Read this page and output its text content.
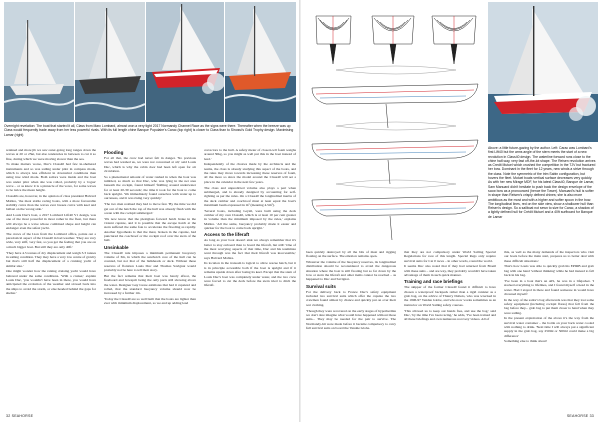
Overnight revelation: The boat that started it all, Class from Marc Lombard, almost won a very tight 2017 Normandy Channel Race as the signs were there. Thereafter when the breeze was up Class would frequently trade away from her less powerful rivals. With its full length chine Banque Populaire's Carac (top right) is closer to Class than to Sinossi's Gold Trophy design. Maximising Lamar (right)

retained and more jib we saw outer-going long ranges down the waves at 20 or 25kt, but also tendencies in between to cut it so fine, during which we were moving slower than the sea.

To make matters worse, Duc's Class40 had few in-sheltered instruments and so was sailing under pilot in compass mode, which is always less efficient in downwind conditions then using true wind mode. Both sailors were inside and the boat was under pilot when she was rolled, probably by a 'rogue' wave – or as know it is a pinnacle of the wave, for some waves to be twice the mean height.

Class40s are, however, in the opinion of class president Halvard Mabire, 'the most stable racing boats, with a more favourable stability curve than the waves ever breeze curve with keel and ballast on the wrong side.'

And Louis Duc's boat, a 2017 Lombard Lift40 V1 design, was one of the most powerful in most rather in the fleet, but there will always be a wave whose combined shape and height can endanger even the safest yacht.

The crews of the Lion from the Lombard office, pointe out a paradoxical aspect of the Class40 in bad weather. 'They are very wide, very stiff, very fast, so you get the feeling that you are on a much bigger boat. But still they are only 40ft.'

'They have 4.5 tonnes of dry displacement and weigh 3.3 tonnes in sailing condition. They may have a very low centre of gravity but that's still half the displacement of a cruising yacht of similar size.'

One might wonder how the raising cruising yacht would have behaved under the same conditions. 'With a cruiser,' explain Louis Duc, 'you wouldn't have been in there, you would have anticipated the evolution of the weather and slowed back into the ships to avoid the storm, or else headed behind the gaps for shelter.'

Flooding

For all that, the crew had never felt in danger. 'No previous waves had washed us, we were not concerned at all,' said Louis Duc, which is why the cabin door had been left open for air circulation.

So a phenomenal amount of water rushed in when the boat was tumbled, so much so that Duc, who was lying in the net area beneath the cockpit, found himself 'fiddling around underwater for at least 20-30 seconds', the time it took for the boat to come back upright. 'We immediately found ourselves with water up to our knees, and it was rising very quickly.'

'The two men realised they had to move fast. 'By the time we did get out of the hatch the top of the hull was already flush with the ocean with the cockpit submerged.'

'We now know that the plexiglass forward hatch broke in the violent capsize, and it is possible that the escape hatch at the stern suffered the same fate to accelerate the flooding as rapidly. Another hypothesis is that the mast, broken in the capsize, had punctured the coachroof or the cockpit roof over the stern of the hull.

Unsinkable

The Class40 rule imposes a minimum permanent buoyancy volume of 3m, in which the sandwich core of the hull can be counted, but not that of the bulkheads or deck. Without these reserves of flotation Louis Duc and Thomas Savignat would probably not be here to tell their story.

But the fact remains that their boat was barely afloat, the freeboard and bowsprit being the only parts still showing above the water. Designer Guy Lione estimates that had it capsized and rolled, that the standard buoyancy volume should now be increased by a further 1m.

'Today the Class40 are so well built that the boats are lighter than ever with minimum displacement, so we end up adding lead

correctors to the hull. A safety meter of closed-cell foam weighs around 30kg, so you might as well put this in the boat instead of lead.'

Independently of the choices made by the architects and the teams, the class is already studying this aspect of the boats, and the rules may move towards increasing these reserves of foam, all the more so since the model around the Class40 will set a place in the calendar in the next few years.

The class and unpredicted volume also plays a part when submerged, and is already designed by accounting for self-righting as per the rules. On a Class40 the longitudinal inertia of the deck camber and coachroof must at least equal the boat's maximum beam expressed in m² (meaning 4.5m²).

'Several boats, including Leyzil, were built using the deck camber of my own Class40, which is at least 10 per cent greater in volume than the minimum imposed by the rules,' explains Mabire. 'All the same, buoyancy probably made it easier and quicker for the boat to come back upright.'

Access to the liferaft

As long as your boat doesn't sink we always remember that it's better to stay onboard than to board the liferaft, but still: 'One of the most worrying aspects of that time, Duc and his teammate went through was the fact that their liferaft was inaccessible,' says Halvard Mabire.

Its location in the transom is logical to allow rescue hatch, but it is in principle accessible both if the boat is upright and if it remains upside down after losing its keel. Except that the stern of Louis Duc's boat was completely under water, and the two crew were forced to cut the deck before the stern tried to ditch the liferaft.

32 SEAHORSE
Above: a little future-gazing by the author. Left: Carac was Lombard's first Lift40 but the arms angle of the stern meets the start of a new revolution in Class40 design. The waterline forward runs close to the chine half-way, very fast off-the-lot shape. The Reisen revolution arrives as Credit Mutuel which crushed the competition in the TJV but fractured her bow. Dominant in the fleet for 12 years, new winds a strive through the class. Note the symmetric of the trim Sabin configuration, but hovers the fleet. Mutuel boats vertical surface decreases very quickly. As with her new Mirage MDF, for his latest Class40, Banque de Lamar, Sam Manuard didn't hesitate to push back the design envelope of the scow bow as a pronounced (hence the Tower). Manuard's hull is softer in shape than Reisen's crisply defined chines; she is also more ambitious as the most and with a higher and softer spoon in the bow. The longitudinal lines, red on the side view, show a shallower hull than Reisen's design. So a sailboat not sewn to size for Carac, a shadow of a lightly defined hull for Crédit Mutuel and a 40ft surfboard for Banque de Lamar

been quickly destroyed by all the bits of mast and rigging floating on the surface. The emotion remains open.

Whatever the volume of the buoyancy reserves, its longitudinal distribution should be reconsidered to avoid the dangerous situation where the boat is still floating but so far down by the bow or stern the liferaft and other items cannot be reached – as happened to Duc and Savignat.

Survival suits

For the delivery back to France Duc's safety equipment included two survival suits which offer the capsize the two crewmen found almost by chance and quickly put on over their wet clothing.

'Though they were recovered on the early stages of hypothermia we don't dare imagine what would have happened without those suits... They may be needed for the pair to survive. The Normandy-hit were made before it became compulsory to carry full survival suits on board the Vendée Globe.

that they are not compulsory under World Sailing Special Regulations for race of this length. Special Regs only require survival suits for Cat 0 races – in other words, round the world.

It seems Duc also noted that if they had returned from Brazil with these suits – and are way, they probably wouldn't have taken advantage of them in such quick manner.

Training and race briefings

The skipper of the former Class40 found it difficult to have chosen a waterproof backpack rather than a rigid canister as a grab bag, on the advice of Thierry Dubois, who was wrecked in the 1996-97 Vendée Globe, and who now works sometimes as an instructor on World Sailing safety courses.

'This allowed us to keep our hands free, and use the bag,' said Duc, 'by the time I've been racing,' he adds, 'I've been trained and all these briefings and own numerous recovery videos. All of

this, as well as the many demands of the inspectors who visit our boats before the main start, prepares us to better deal with these difficult situations.'

That's how Louis was able to quickly grab his EPIRB and grab bag with one hand 'without thinking' while he had instead to fall back in his bag.

'I've been in a boat that's an AIS, he was in a lifejacket. 'I stacked everything to lifelines, and I found myself a head in the water. Had I stayed in there and found someone in would have drowned myself.'

In the way of the sailor's bag afterwards was that they lost some safety equipment (including cockpit flares) that fell from the bag before they... grab bag to put them closer to hand when they were sailing.

In the present exploitation of the above it's the way from the survival water container – the bottle on your back water cooled with nothing to drink. 'Next time I will always put a significant supply in the grab bag, say 250ml or 500ml could make a big difference'

Something else to think about!

SEAHORSE 33
